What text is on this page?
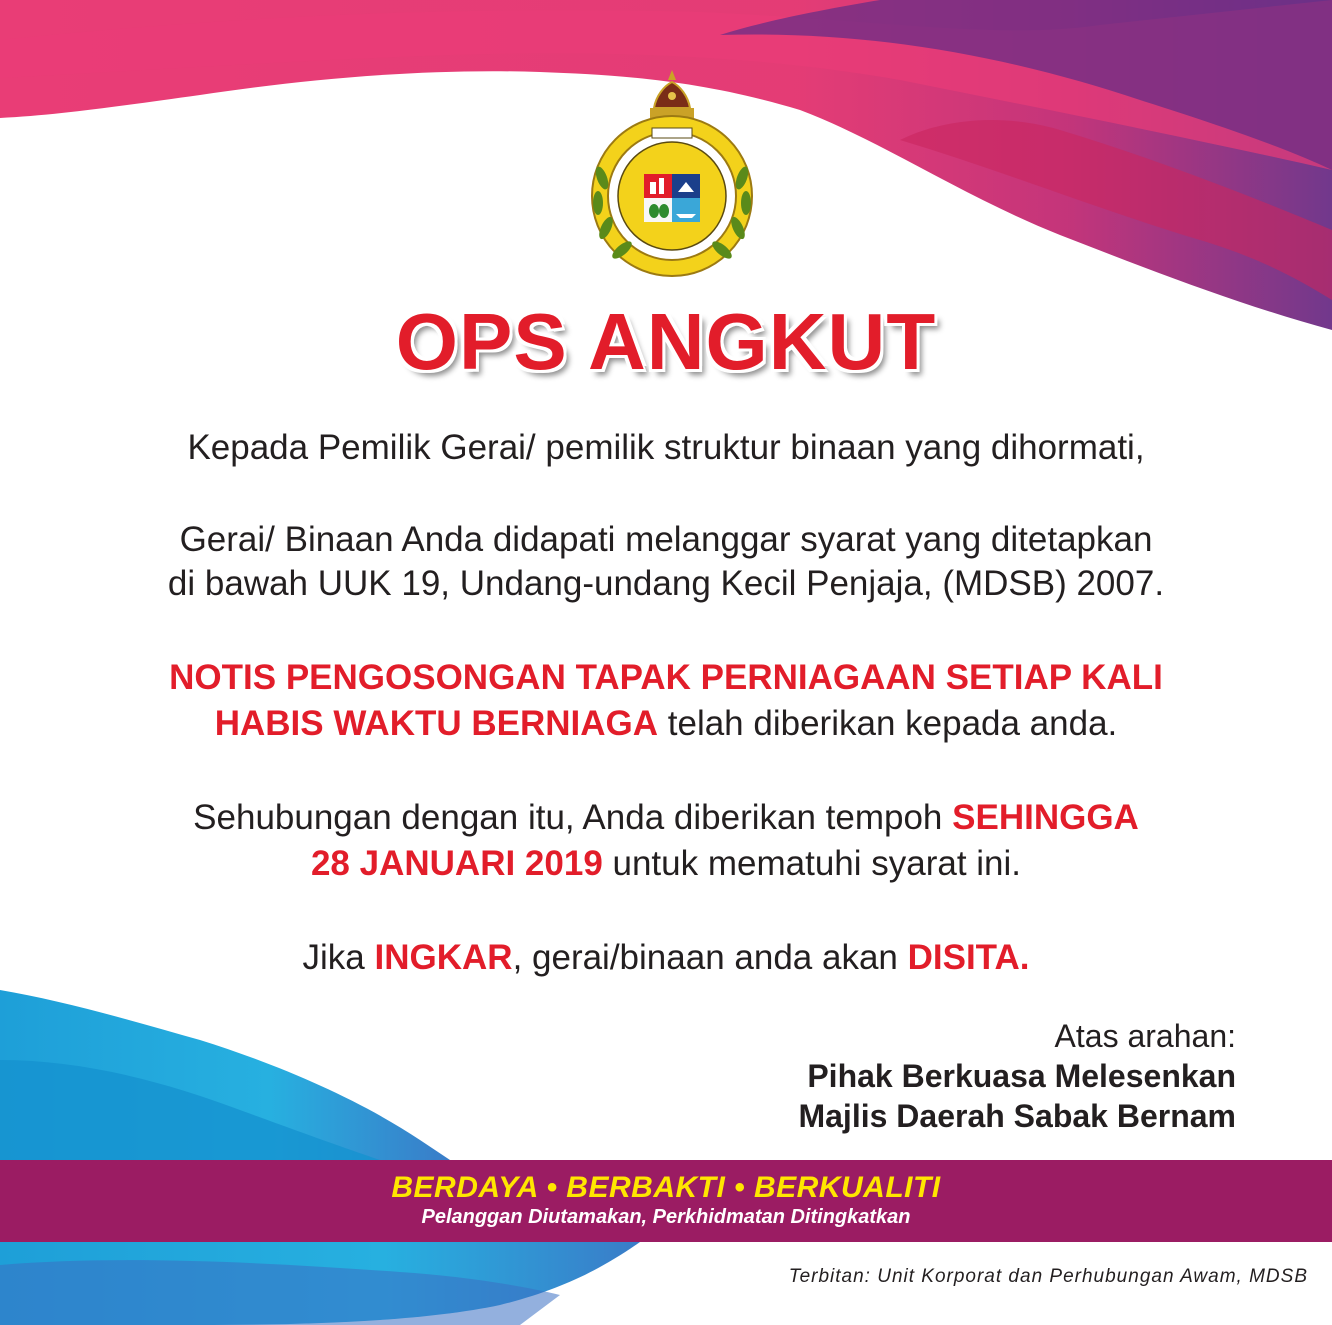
OPS ANGKUT
Kepada Pemilik Gerai/ pemilik struktur binaan yang dihormati,
Gerai/ Binaan Anda didapati melanggar syarat yang ditetapkan
di bawah UUK 19, Undang-undang Kecil Penjaja, (MDSB) 2007.
NOTIS PENGOSONGAN TAPAK PERNIAGAAN SETIAP KALI
HABIS WAKTU BERNIAGA telah diberikan kepada anda.
Sehubungan dengan itu, Anda diberikan tempoh SEHINGGA
28 JANUARI 2019 untuk mematuhi syarat ini.
Jika INGKAR, gerai/binaan anda akan DISITA.
Atas arahan:
Pihak Berkuasa Melesenkan
Majlis Daerah Sabak Bernam
BERDAYA • BERBAKTI • BERKUALITI
Pelanggan Diutamakan, Perkhidmatan Ditingkatkan
Terbitan: Unit Korporat dan Perhubungan Awam, MDSB
